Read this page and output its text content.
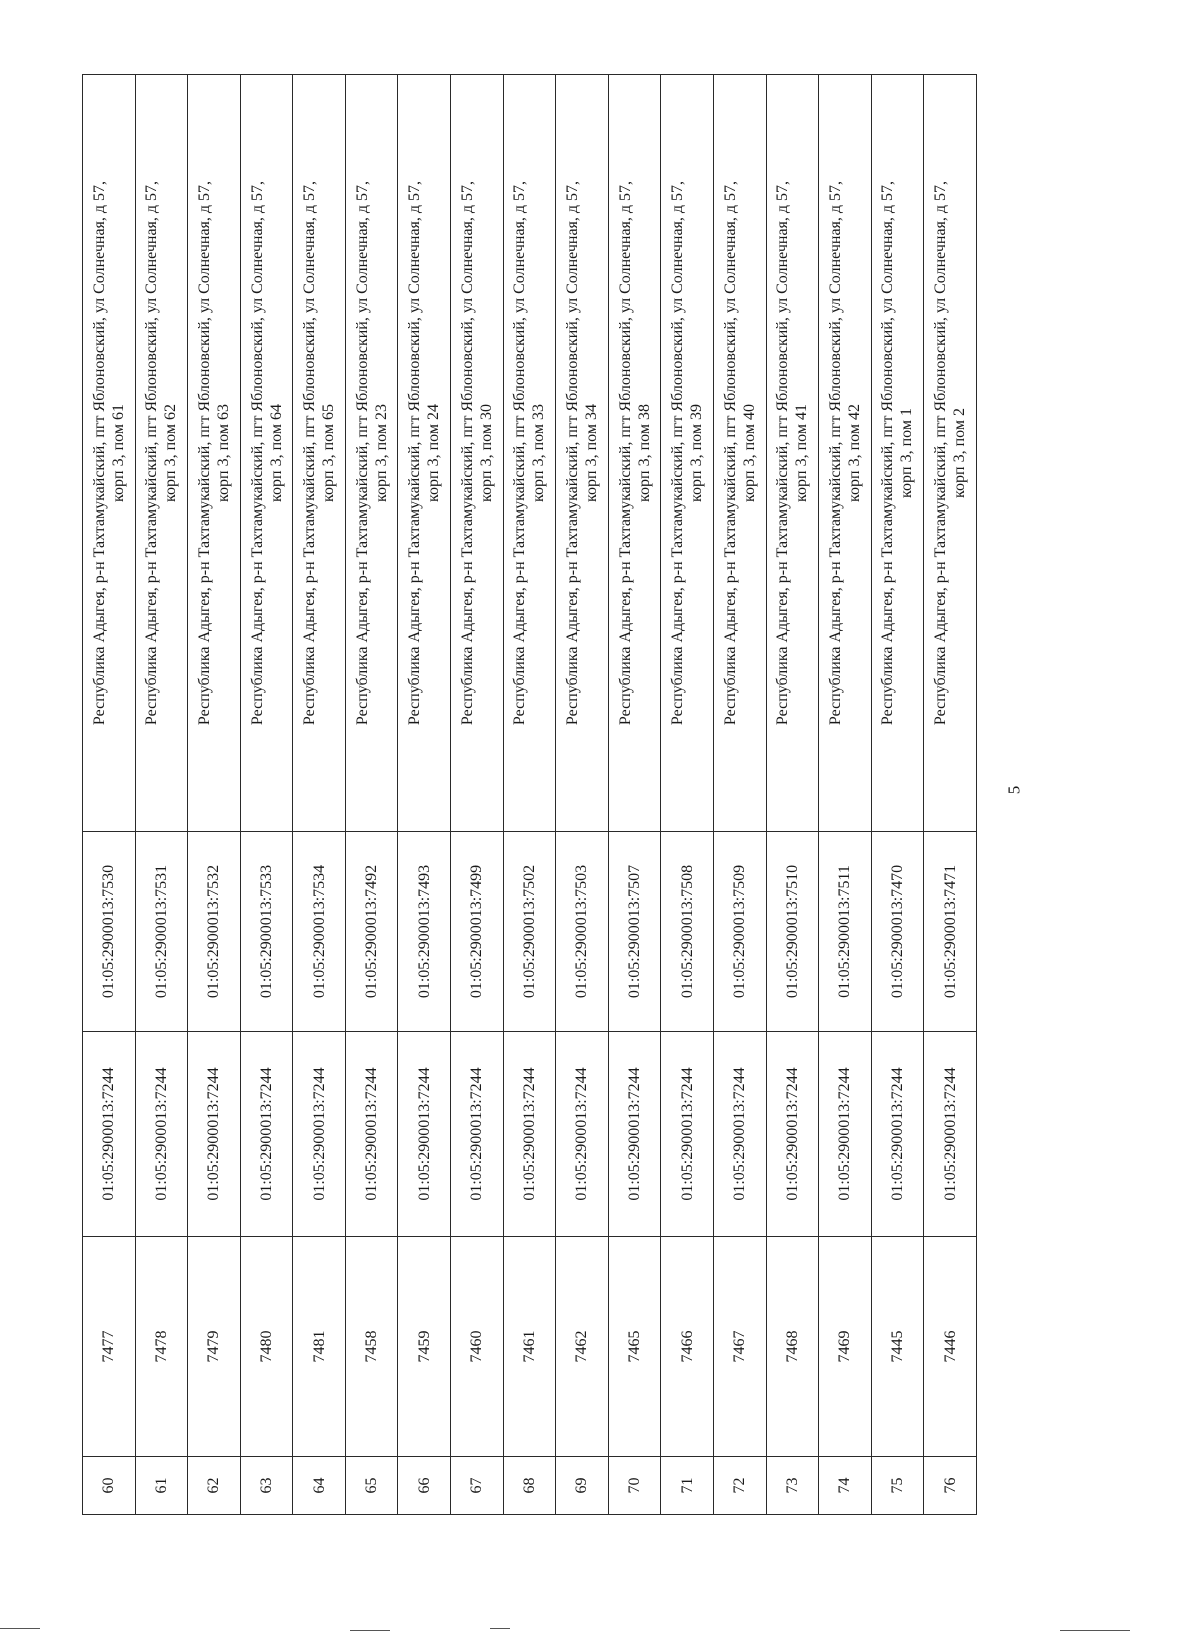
60	7477	01:05:2900013:7244	01:05:2900013:7530	Республика Адыгея, р-н Тахтамукайский, пгт Яблоновский, ул Солнечная, д 57, корп 3, пом 61

61	7478	01:05:2900013:7244	01:05:2900013:7531	Республика Адыгея, р-н Тахтамукайский, пгт Яблоновский, ул Солнечная, д 57, корп 3, пом 62

62	7479	01:05:2900013:7244	01:05:2900013:7532	Республика Адыгея, р-н Тахтамукайский, пгт Яблоновский, ул Солнечная, д 57, корп 3, пом 63

63	7480	01:05:2900013:7244	01:05:2900013:7533	Республика Адыгея, р-н Тахтамукайский, пгт Яблоновский, ул Солнечная, д 57, корп 3, пом 64

64	7481	01:05:2900013:7244	01:05:2900013:7534	Республика Адыгея, р-н Тахтамукайский, пгт Яблоновский, ул Солнечная, д 57, корп 3, пом 65

65	7458	01:05:2900013:7244	01:05:2900013:7492	Республика Адыгея, р-н Тахтамукайский, пгт Яблоновский, ул Солнечная, д 57, корп 3, пом 23

66	7459	01:05:2900013:7244	01:05:2900013:7493	Республика Адыгея, р-н Тахтамукайский, пгт Яблоновский, ул Солнечная, д 57, корп 3, пом 24

67	7460	01:05:2900013:7244	01:05:2900013:7499	Республика Адыгея, р-н Тахтамукайский, пгт Яблоновский, ул Солнечная, д 57, корп 3, пом 30

68	7461	01:05:2900013:7244	01:05:2900013:7502	Республика Адыгея, р-н Тахтамукайский, пгт Яблоновский, ул Солнечная, д 57, корп 3, пом 33

69	7462	01:05:2900013:7244	01:05:2900013:7503	Республика Адыгея, р-н Тахтамукайский, пгт Яблоновский, ул Солнечная, д 57, корп 3, пом 34

70	7465	01:05:2900013:7244	01:05:2900013:7507	Республика Адыгея, р-н Тахтамукайский, пгт Яблоновский, ул Солнечная, д 57, корп 3, пом 38

71	7466	01:05:2900013:7244	01:05:2900013:7508	Республика Адыгея, р-н Тахтамукайский, пгт Яблоновский, ул Солнечная, д 57, корп 3, пом 39

72	7467	01:05:2900013:7244	01:05:2900013:7509	Республика Адыгея, р-н Тахтамукайский, пгт Яблоновский, ул Солнечная, д 57, корп 3, пом 40

73	7468	01:05:2900013:7244	01:05:2900013:7510	Республика Адыгея, р-н Тахтамукайский, пгт Яблоновский, ул Солнечная, д 57, корп 3, пом 41

74	7469	01:05:2900013:7244	01:05:2900013:7511	Республика Адыгея, р-н Тахтамукайский, пгт Яблоновский, ул Солнечная, д 57, корп 3, пом 42

75	7445	01:05:2900013:7244	01:05:2900013:7470	Республика Адыгея, р-н Тахтамукайский, пгт Яблоновский, ул Солнечная, д 57, корп 3, пом 1

76	7446	01:05:2900013:7244	01:05:2900013:7471	Республика Адыгея, р-н Тахтамукайский, пгт Яблоновский, ул Солнечная, д 57, корп 3, пом 2
5
